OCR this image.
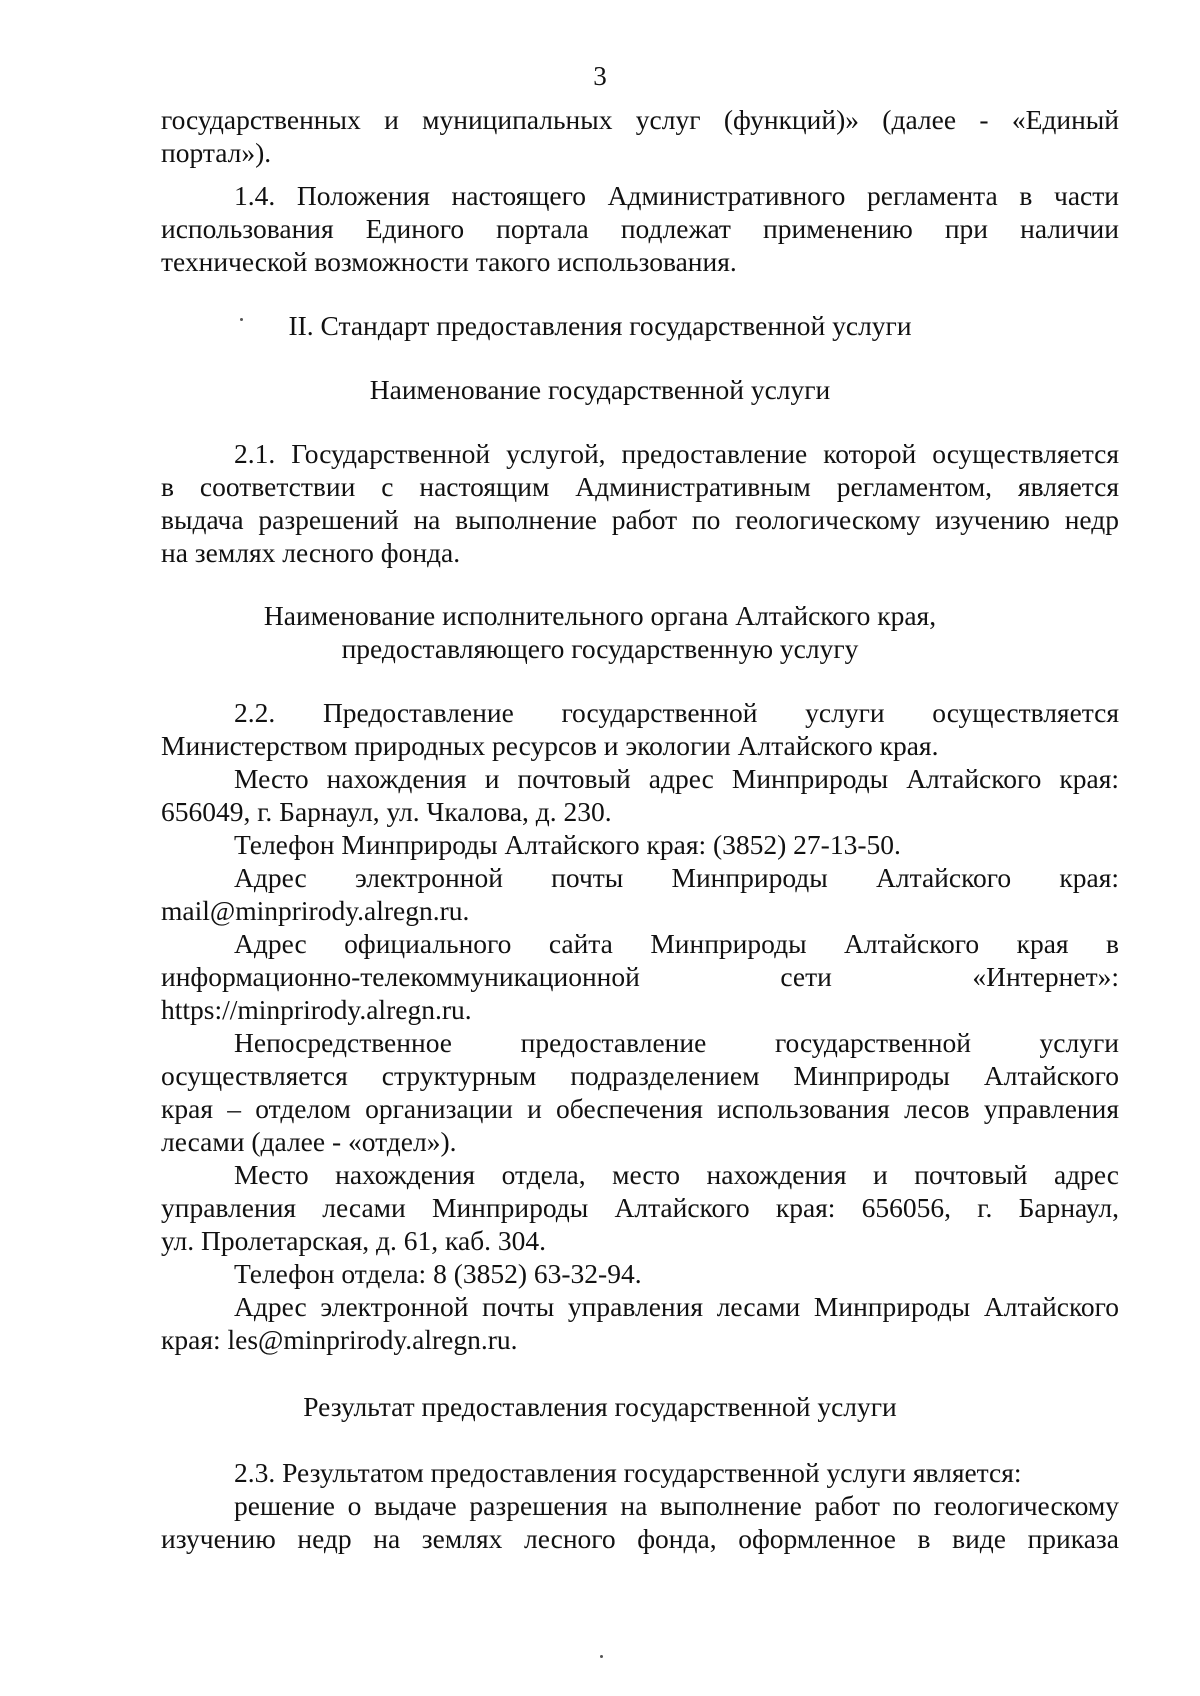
3
государственных и муниципальных услуг (функций)» (далее - «Единый
портал»).
1.4. Положения настоящего Административного регламента в части
использования Единого портала подлежат применению при наличии
технической возможности такого использования.
II. Стандарт предоставления государственной услуги
Наименование государственной услуги
2.1. Государственной услугой, предоставление которой осуществляется
в соответствии с настоящим Административным регламентом, является
выдача разрешений на выполнение работ по геологическому изучению недр
на землях лесного фонда.
Наименование исполнительного органа Алтайского края,
предоставляющего государственную услугу
2.2. Предоставление государственной услуги осуществляется
Министерством природных ресурсов и экологии Алтайского края.
Место нахождения и почтовый адрес Минприроды Алтайского края:
656049, г. Барнаул, ул. Чкалова, д. 230.
Телефон Минприроды Алтайского края: (3852) 27-13-50.
Адрес электронной почты Минприроды Алтайского края:
mail@minprirody.alregn.ru.
Адрес официального сайта Минприроды Алтайского края в
информационно-телекоммуникационной сети «Интернет»:
https://minprirody.alregn.ru.
Непосредственное предоставление государственной услуги
осуществляется структурным подразделением Минприроды Алтайского
края – отделом организации и обеспечения использования лесов управления
лесами (далее - «отдел»).
Место нахождения отдела, место нахождения и почтовый адрес
управления лесами Минприроды Алтайского края: 656056, г. Барнаул,
ул. Пролетарская, д. 61, каб. 304.
Телефон отдела: 8 (3852) 63-32-94.
Адрес электронной почты управления лесами Минприроды Алтайского
края: les@minprirody.alregn.ru.
Результат предоставления государственной услуги
2.3. Результатом предоставления государственной услуги является:
решение о выдаче разрешения на выполнение работ по геологическому
изучению недр на землях лесного фонда, оформленное в виде приказа
